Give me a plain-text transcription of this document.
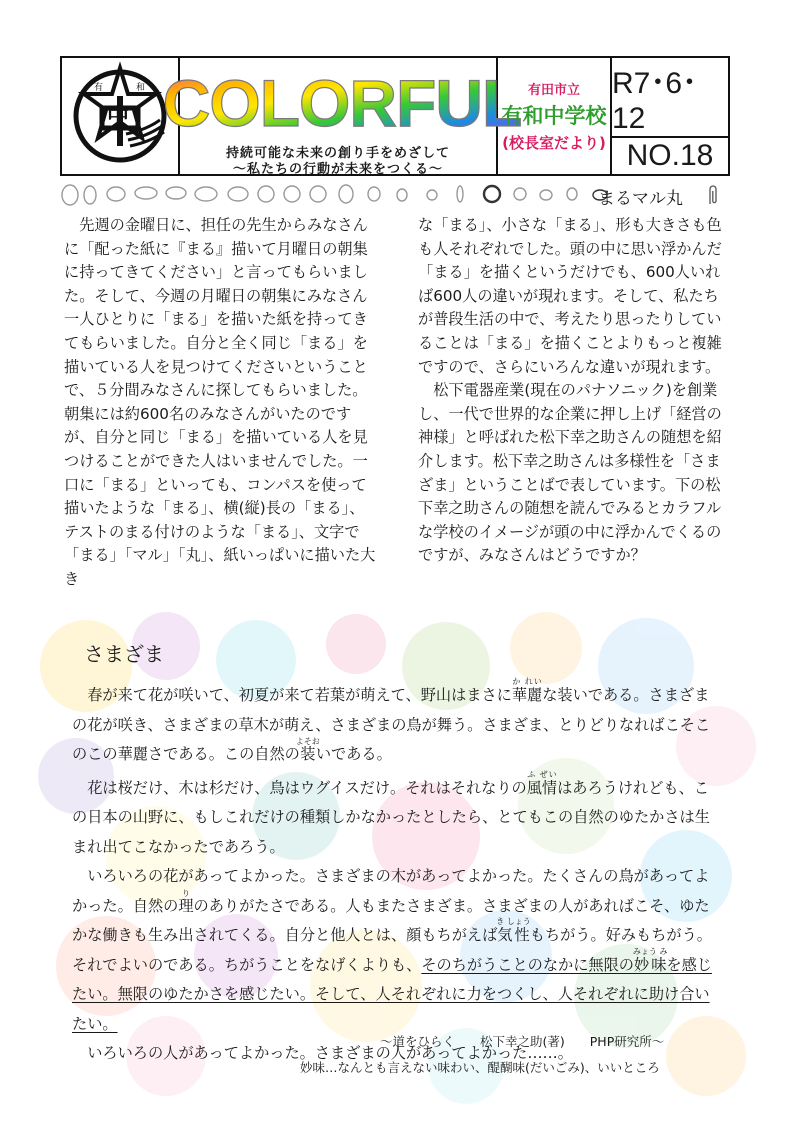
有	和 COLORFUL
持続可能な未来の創り手をめざして
〜私たちの行動が未来をつくる〜
有田市立
有和中学校
(校長室だより)
R7･6･12
NO.18
まるマル丸

先週の金曜日に、担任の先生からみなさんに「配った紙に『まる』描いて月曜日の朝集に持ってきてください」と言ってもらいました。そして、今週の月曜日の朝集にみなさん一人ひとりに「まる」を描いた紙を持ってきてもらいました。自分と全く同じ「まる」を描いている人を見つけてくださいということで、５分間みなさんに探してもらいました。朝集には約600名のみなさんがいたのですが、自分と同じ「まる」を描いている人を見つけることができた人はいませんでした。一口に「まる」といっても、コンパスを使って描いたような「まる」、横(縦)長の「まる」、テストのまる付けのような「まる」、文字で「まる」「マル」「丸」、紙いっぱいに描いた大き

な「まる」、小さな「まる」、形も大きさも色も人それぞれでした。頭の中に思い浮かんだ「まる」を描くというだけでも、600人いれば600人の違いが現れます。そして、私たちが普段生活の中で、考えたり思ったりしていることは「まる」を描くことよりもっと複雑ですので、さらにいろんな違いが現れます。

松下電器産業(現在のパナソニック)を創業し、一代で世界的な企業に押し上げ「経営の神様」と呼ばれた松下幸之助さんの随想を紹介します。松下幸之助さんは多様性を「さまざま」ということばで表しています。下の松下幸之助さんの随想を読んでみるとカラフルな学校のイメージが頭の中に浮かんでくるのですが、みなさんはどうですか？

さまざま

春が来て花が咲いて、初夏が来て若葉が萌えて、野山はまさに華麗か れいな装いである。さまざまの花が咲き、さまざまの草木が萌え、さまざまの鳥が舞う。さまざま、とりどりなればこそこのこの華麗さである。この自然の装よそおいである。

花は桜だけ、木は杉だけ、鳥はウグイスだけ。それはそれなりの風情ふ ぜいはあろうけれども、この日本の山野に、もしこれだけの種類しかなかったとしたら、とてもこの自然のゆたかさは生まれ出てこなかったであろう。

いろいろの花があってよかった。さまざまの木があってよかった。たくさんの鳥があってよかった。自然の理りのありがたさである。人もまたさまざま。さまざまの人があればこそ、ゆたかな働きも生み出されてくる。自分と他人とは、顔もちがえば気性き しょうもちがう。好みもちがう。それでよいのである。ちがうことをなげくよりも、そのちがうことのなかに無限の妙味みょう みを感じたい。無限のゆたかさを感じたい。そして、人それぞれに力をつくし、人それぞれに助け合いたい。

いろいろの人があってよかった。さまざまの人があってよかった……。

〜道をひらく　　松下幸之助(著)　　PHP研究所〜
妙味…なんとも言えない味わい、醍醐味(だいごみ)、いいところ
中
